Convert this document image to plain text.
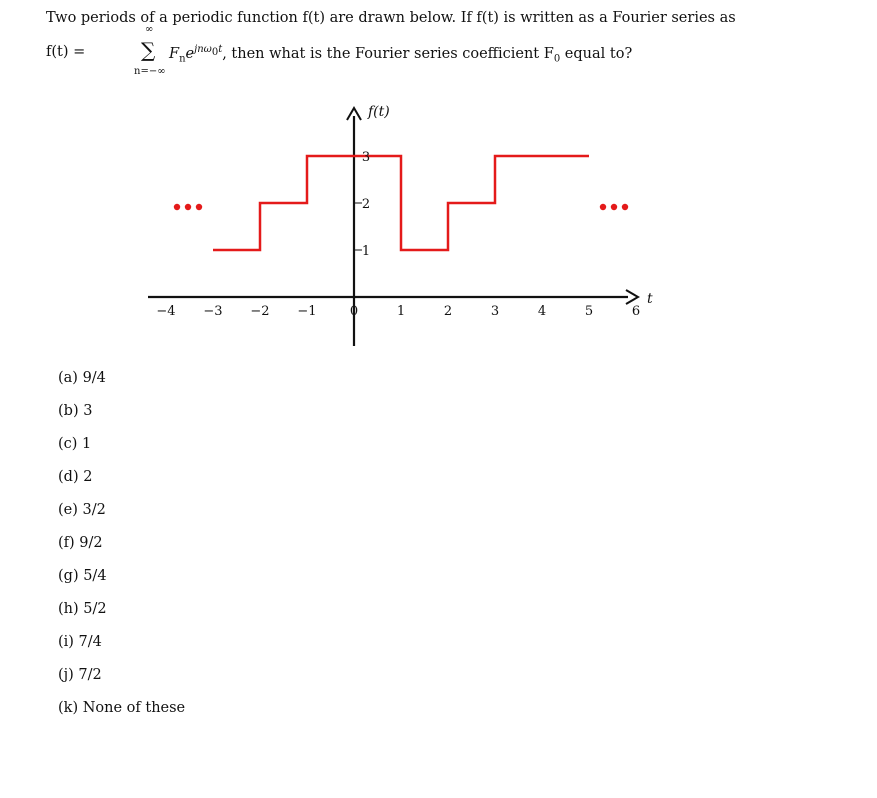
Two periods of a periodic function f(t) are drawn below. If f(t) is written as a Fourier series as
f(t) =	∑
∞
n=−∞
$F_ne^{jn\omega_0t}$, then what is the Fourier series coefficient $F_0$ equal to?
−4 −3 −2 −1	0	1	2	3	4	5	6
1
2
3
f(t)
t
...	...
(a) 9/4
(b) 3
(c) 1
(d) 2
(e) 3/2
(f) 9/2
(g) 5/4
(h) 5/2
(i) 7/4
(j) 7/2
(k) None of these
